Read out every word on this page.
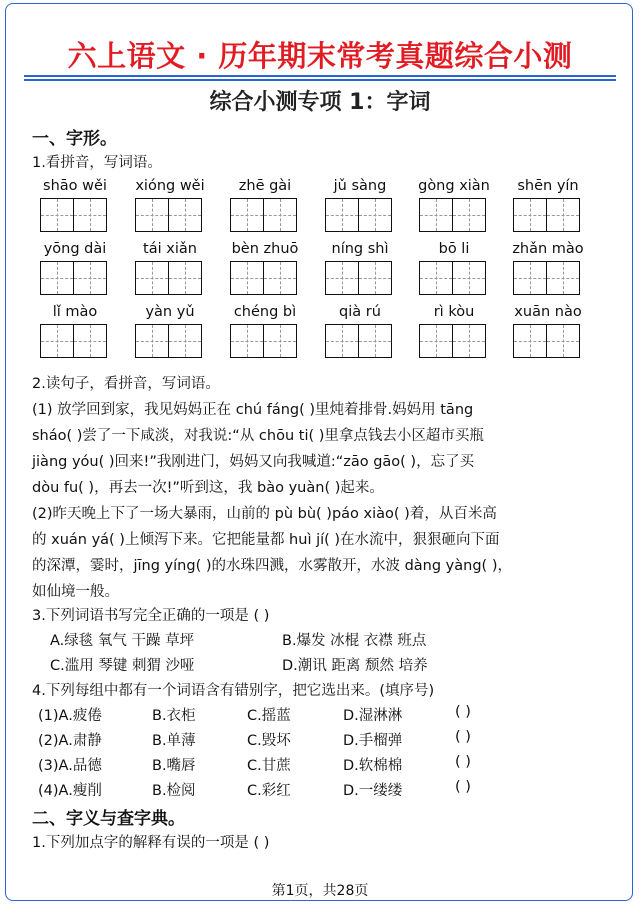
六上语文 · 历年期末常考真题综合小测
综合小测专项 1：字词
一、字形。
1.看拼音，写词语。
shāo wěi	xióng wěi	zhē gài	jǔ sàng	gòng xiàn	shēn yín
yōng dài	tái xiǎn	bèn zhuō	níng shì	bō li	zhǎn mào
lǐ mào	yàn yǔ	chéng bì	qià rú	rì kòu	xuān nào
2.读句子，看拼音，写词语。
(1) 放学回到家，我见妈妈正在 chú fáng( )里炖着排骨.妈妈用 tāng
sháo( )尝了一下咸淡，对我说:“从 chōu ti( )里拿点钱去小区超市买瓶
jiàng yóu( )回来!”我刚进门，妈妈又向我喊道:“zāo gāo( )，忘了买
dòu fu( )，再去一次!”听到这，我 bào yuàn( )起来。
(2)昨天晚上下了一场大暴雨，山前的 pù bù( )páo xiào( )着，从百米高
的 xuán yá( )上倾泻下来。它把能量都 huì jí( )在水流中，狠狠砸向下面
的深潭，霎时，jīng yíng( )的水珠四溅，水雾散开，水波 dàng yàng( )，
如仙境一般。
3.下列词语书写完全正确的一项是 ( )
A.绿毯 氧气 干躁 草坪	B.爆发 冰棍 衣襟 班点
C.滥用 琴键 刺猬 沙哑	D.潮讯 距离 颓然 培养
4.下列每组中都有一个词语含有错别字，把它选出来。(填序号)
(1)A.疲倦	B.衣柜	C.摇蓝	D.湿淋淋	( )
(2)A.肃静	B.单薄	C.毁坏	D.手榴弹	( )
(3)A.品德	B.嘴唇	C.甘蔗	D.软棉棉	( )
(4)A.瘦削	B.检阅	C.彩红	D.一缕缕	( )
二、字义与查字典。
1.下列加点字的解释有误的一项是 ( )
第1页，共28页
